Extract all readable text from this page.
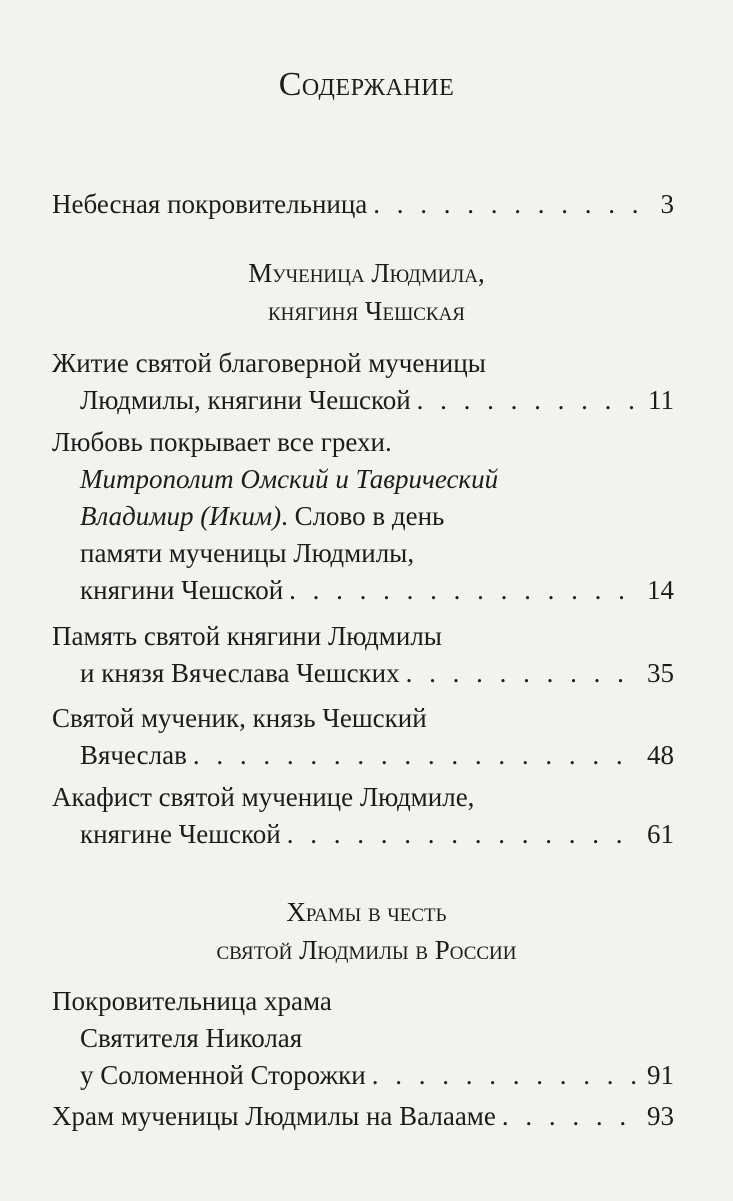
Содержание
Небесная покровительница . . .	3
Мученица Людмила,
княгиня Чешская
Житие святой благоверной мученицы
Людмилы, княгини Чешской . . .	11
Любовь покрывает все грехи.
Митрополит Омский и Таврический
Владимир (Иким) . Слово в день
памяти мученицы Людмилы,
княгини Чешской . . .	14
Память святой княгини Людмилы
и князя Вячеслава Чешских . . .	35
Святой мученик, князь Чешский
Вячеслав . . .	48
Акафист святой мученице Людмиле,
княгине Чешской . . .	61
Храмы в честь
святой Людмилы в России
Покровительница храма
Святителя Николая
у Соломенной Сторожки . . .	91
Храм мученицы Людмилы на Валааме . . .	93
